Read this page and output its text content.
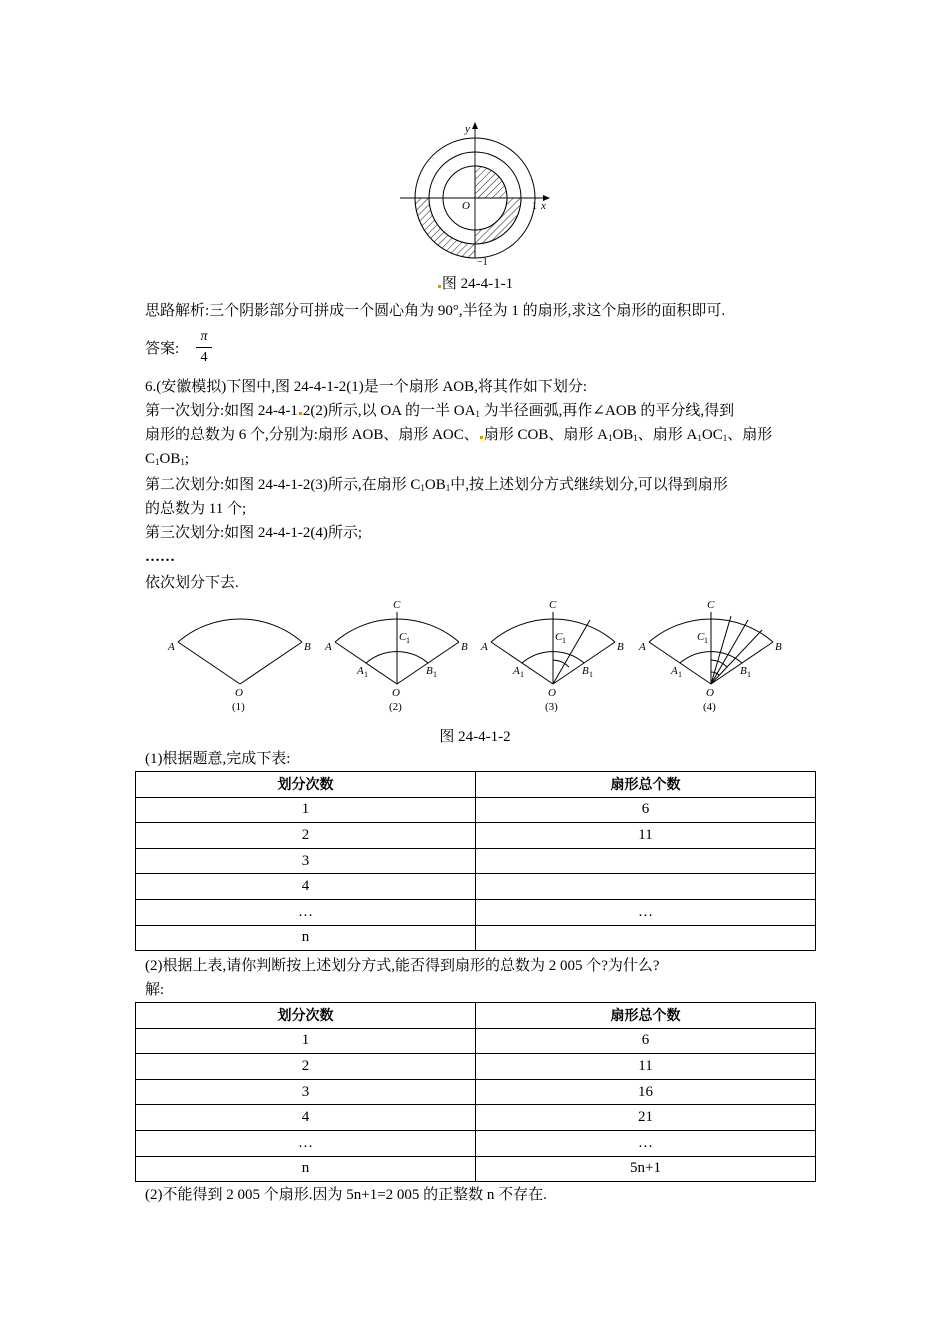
y
x
O	1
−1
图 24-4-1-1
思路解析:三个阴影部分可拼成一个圆心角为 90°,半径为 1 的扇形,求这个扇形的面积即可.
答案:
π
4
6.(安徽模拟)下图中,图 24-4-1-2(1)是一个扇形 AOB,将其作如下划分:
第一次划分:如图 24-4-1 2(2)所示,以 OA 的一半 $OA_1$ 为半径画弧,再作∠AOB 的平分线,得到
扇形的总数为 6 个,分别为:扇形 AOB、扇形 AOC、 扇形 COB、扇形 $A_1OB_1$、扇形 $A_1OC_1$、扇形
$C_1OB_1$;
第二次划分:如图 24-4-1-2(3)所示,在扇形 $C_1OB_1$中,按上述划分方式继续划分,可以得到扇形
的总数为 11 个;
第三次划分:如图 24-4-1-2(4)所示;
……
依次划分下去.
A	B
O
(1)
C
C 1
A	B
A 1	B 1
O
(2)
C
C 1
A	B
A 1	B 1
O
(3)
C
C 1
A	B
A 1	B 1
O
(4)
图 24-4-1-2
(1)根据题意,完成下表:
划分次数	扇形总个数
1	6
2	11
3	
4	
…	…
n	
(2)根据上表,请你判断按上述划分方式,能否得到扇形的总数为 2 005 个?为什么?
解:
划分次数	扇形总个数
1	6
2	11
3	16
4	21
…	…
n	5n+1
(2)不能得到 2 005 个扇形.因为 5n+1=2 005 的正整数 n 不存在.
